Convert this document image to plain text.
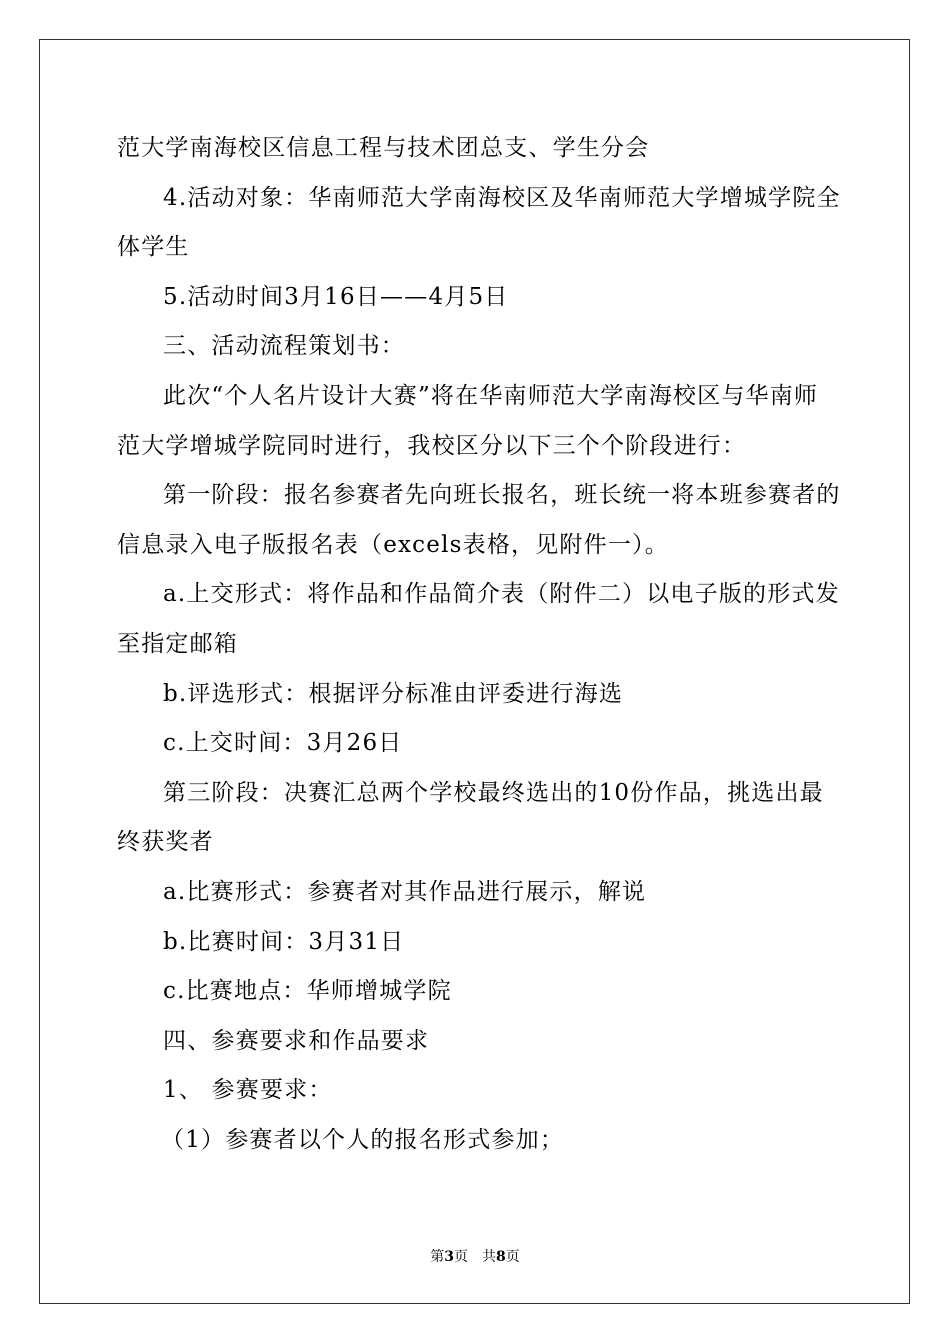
范大学南海校区信息工程与技术团总支、学生分会
4.活动对象：华南师范大学南海校区及华南师范大学增城学院全
体学生
5.活动时间3月16日——4月5日
三、活动流程策划书：
此次“个人名片设计大赛”将在华南师范大学南海校区与华南师
范大学增城学院同时进行，我校区分以下三个个阶段进行：
第一阶段：报名参赛者先向班长报名，班长统一将本班参赛者的
信息录入电子版报名表（excels表格，见附件一）。
a.上交形式：将作品和作品简介表（附件二）以电子版的形式发
至指定邮箱
b.评选形式：根据评分标准由评委进行海选
c.上交时间：3月26日
第三阶段：决赛汇总两个学校最终选出的10份作品，挑选出最
终获奖者
a.比赛形式：参赛者对其作品进行展示，解说
b.比赛时间：3月31日
c.比赛地点：华师增城学院
四、参赛要求和作品要求
1、 参赛要求：
（1）参赛者以个人的报名形式参加；
第3页 共8页
